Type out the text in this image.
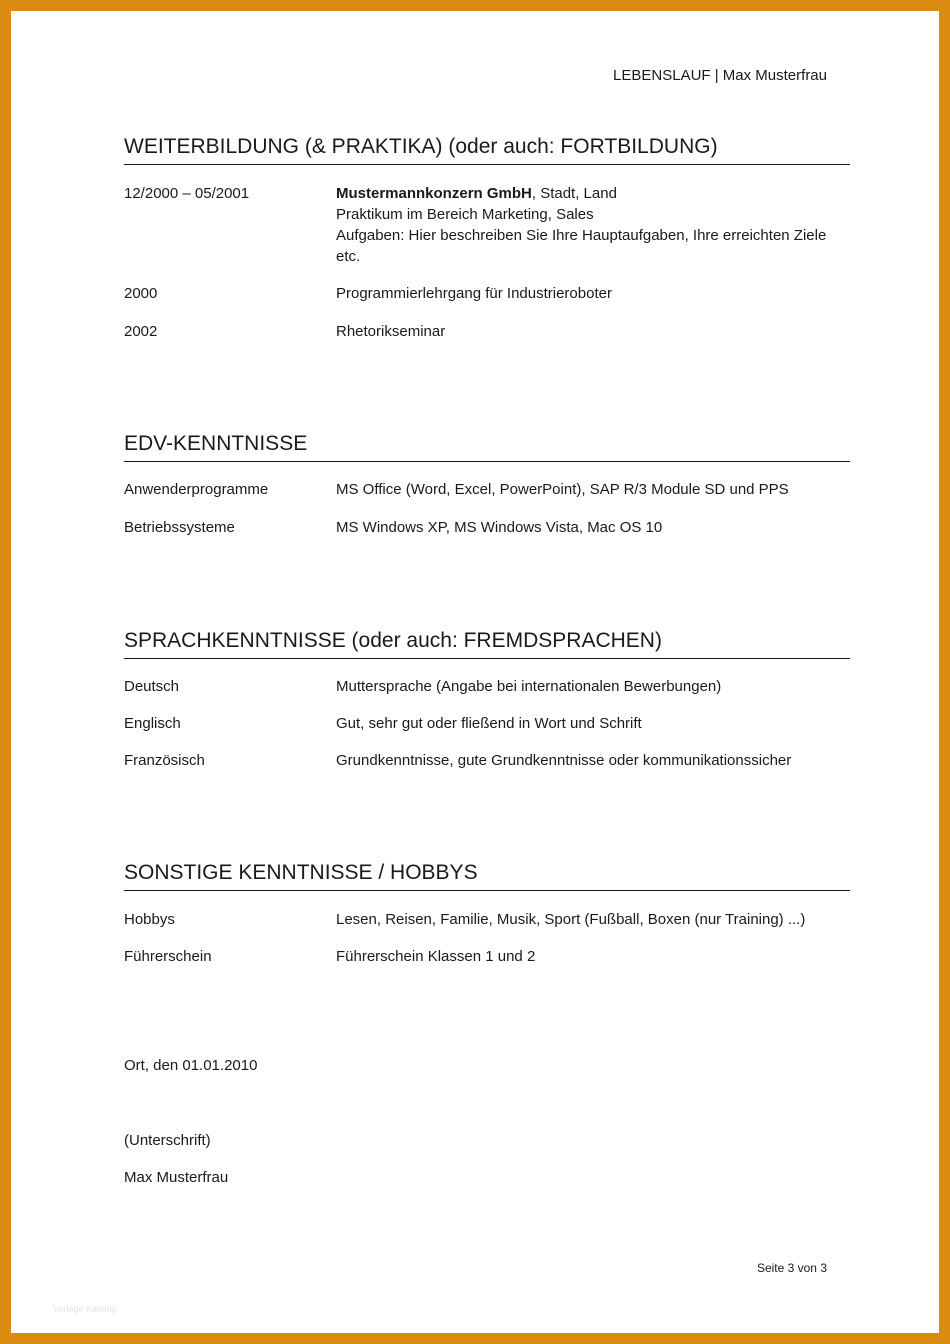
LEBENSLAUF | Max Musterfrau
WEITERBILDUNG (& PRAKTIKA) (oder auch: FORTBILDUNG)
12/2000 – 05/2001	Mustermannkonzern GmbH, Stadt, Land
Praktikum im Bereich Marketing, Sales
Aufgaben: Hier beschreiben Sie Ihre Hauptaufgaben, Ihre erreichten Ziele etc.
2000	Programmierlehrgang für Industrieroboter
2002	Rhetorikseminar
EDV-KENNTNISSE
Anwenderprogramme	MS Office (Word, Excel, PowerPoint), SAP R/3 Module SD und PPS
Betriebssysteme	MS Windows XP, MS Windows Vista, Mac OS 10
SPRACHKENNTNISSE (oder auch: FREMDSPRACHEN)
Deutsch	Muttersprache (Angabe bei internationalen Bewerbungen)
Englisch	Gut, sehr gut oder fließend in Wort und Schrift
Französisch	Grundkenntnisse, gute Grundkenntnisse oder kommunikationssicher
SONSTIGE KENNTNISSE / HOBBYS
Hobbys	Lesen, Reisen, Familie, Musik, Sport (Fußball, Boxen (nur Training) ...)
Führerschein	Führerschein Klassen 1 und 2
Ort, den 01.01.2010
(Unterschrift)
Max Musterfrau
Seite 3 von 3
Vorlage Katalog
